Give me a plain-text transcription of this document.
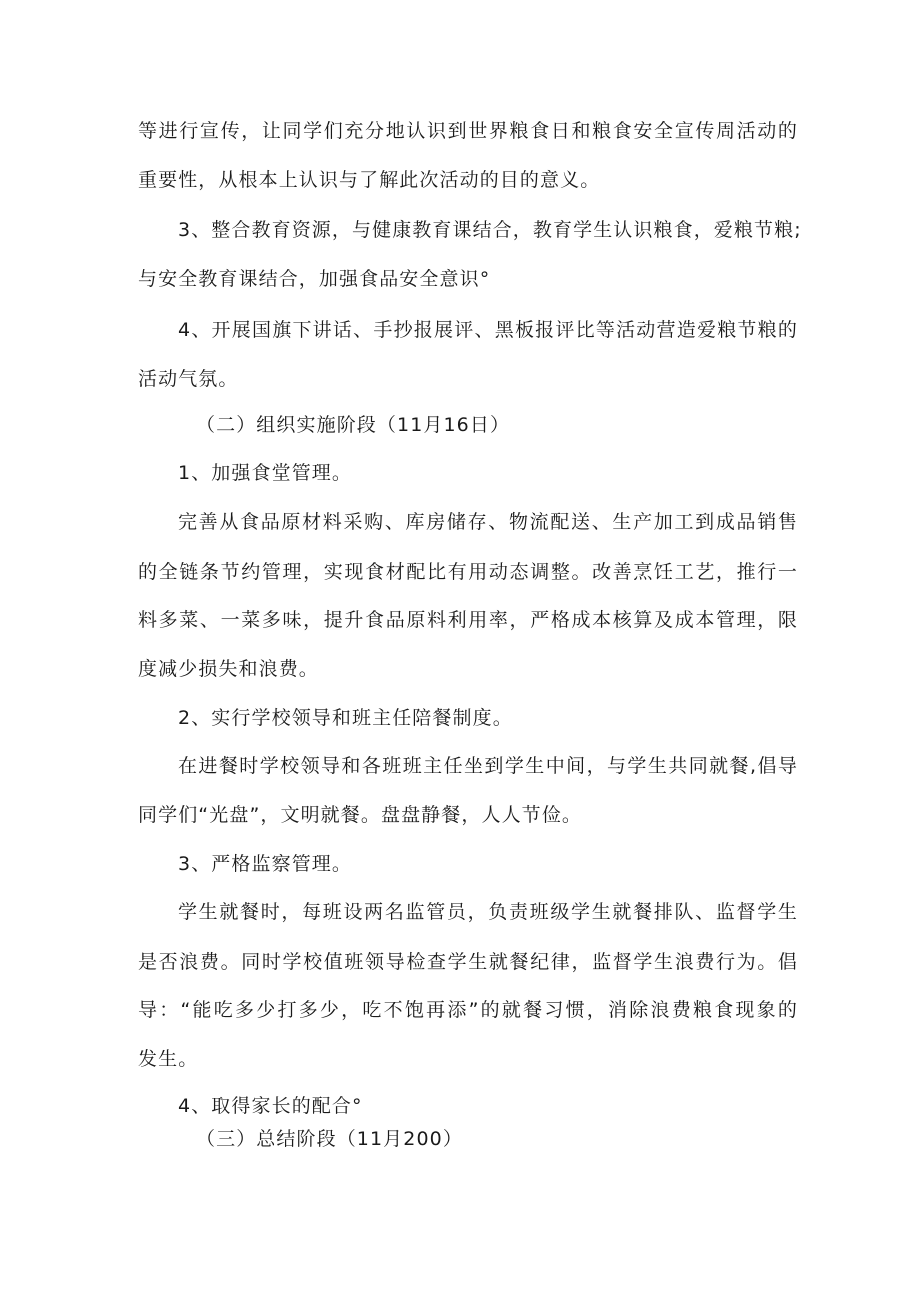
等进行宣传，让同学们充分地认识到世界粮食日和粮食安全宣传周活动的
重要性，从根本上认识与了解此次活动的目的意义。
3、整合教育资源，与健康教育课结合，教育学生认识粮食，爱粮节粮;
与安全教育课结合，加强食品安全意识°
4、开展国旗下讲话、手抄报展评、黑板报评比等活动营造爱粮节粮的
活动气氛。
（二）组织实施阶段（11月16日）
1、加强食堂管理。
完善从食品原材料采购、库房储存、物流配送、生产加工到成品销售
的全链条节约管理，实现食材配比有用动态调整。改善烹饪工艺，推行一
料多菜、一菜多味，提升食品原料利用率，严格成本核算及成本管理，限
度减少损失和浪费。
2、实行学校领导和班主任陪餐制度。
在进餐时学校领导和各班班主任坐到学生中间，与学生共同就餐,倡导
同学们“光盘”，文明就餐。盘盘静餐，人人节俭。
3、严格监察管理。
学生就餐时，每班设两名监管员，负责班级学生就餐排队、监督学生
是否浪费。同时学校值班领导检查学生就餐纪律，监督学生浪费行为。倡
导：“能吃多少打多少，吃不饱再添”的就餐习惯，消除浪费粮食现象的
发生。
4、取得家长的配合°
（三）总结阶段（11月200）
